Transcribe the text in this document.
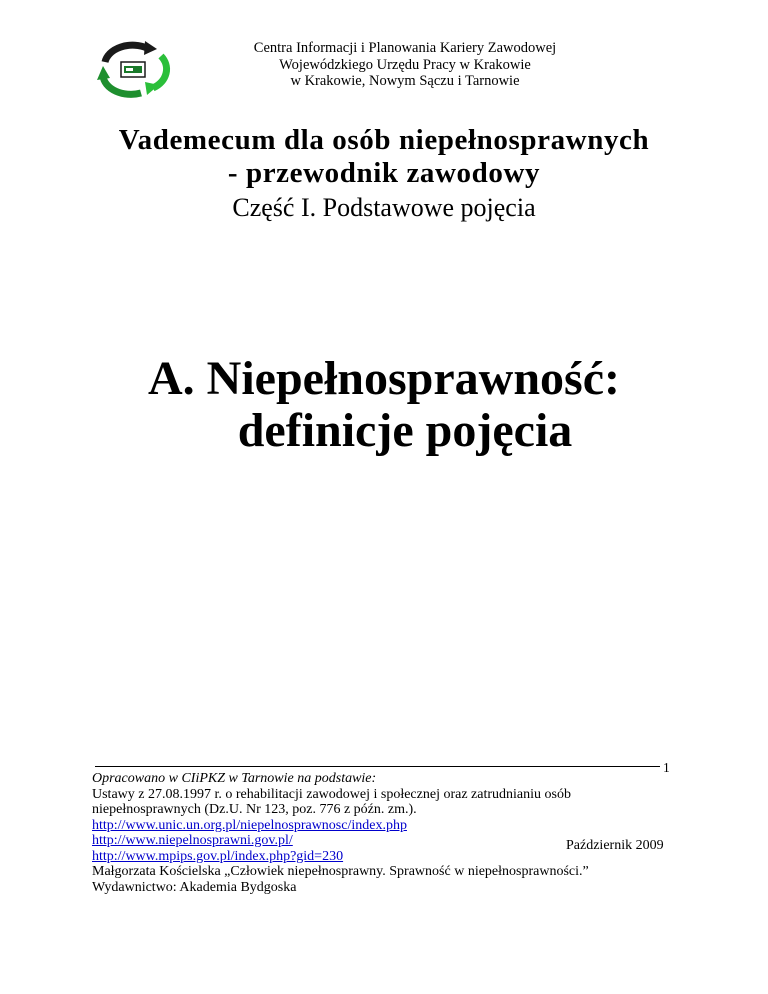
Centra Informacji i Planowania Kariery Zawodowej
Wojewódzkiego Urzędu Pracy w Krakowie
w Krakowie, Nowym Sączu i Tarnowie
Vademecum dla osób niepełnosprawnych
- przewodnik zawodowy
Część I. Podstawowe pojęcia
A. Niepełnosprawność:
definicje pojęcia
1
Opracowano w CIiPKZ w Tarnowie na podstawie:
Ustawy z 27.08.1997 r. o rehabilitacji zawodowej i społecznej oraz zatrudnianiu osób
niepełnosprawnych (Dz.U. Nr 123, poz. 776 z późn. zm.).
http://www.unic.un.org.pl/niepelnosprawnosc/index.php
http://www.niepelnosprawni.gov.pl/
http://www.mpips.gov.pl/index.php?gid=230
Małgorzata Kościelska „Człowiek niepełnosprawny. Sprawność w niepełnosprawności.”
Wydawnictwo: Akademia Bydgoska
Październik 2009
